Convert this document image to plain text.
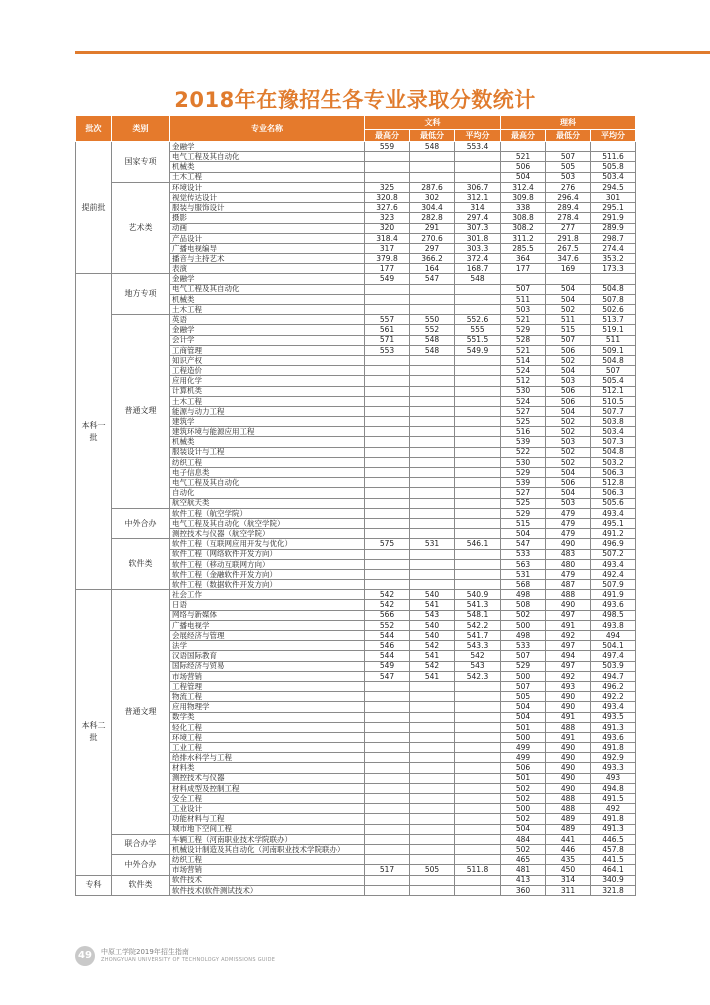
2018年在豫招生各专业录取分数统计
批次	类别	专业名称	文科			理科		
			最高分	最低分	平均分	最高分	最低分	平均分
提前批	国家专项	金融学	559	548	553.4			
		电气工程及其自动化				521	507	511.6
		机械类				506	505	505.8
		土木工程				504	503	503.4
	艺术类	环境设计	325	287.6	306.7	312.4	276	294.5
		视觉传达设计	320.8	302	312.1	309.8	296.4	301
		服装与服饰设计	327.6	304.4	314	338	289.4	295.1
		摄影	323	282.8	297.4	308.8	278.4	291.9
		动画	320	291	307.3	308.2	277	289.9
		产品设计	318.4	270.6	301.8	311.2	291.8	298.7
		广播电视编导	317	297	303.3	285.5	267.5	274.4
		播音与主持艺术	379.8	366.2	372.4	364	347.6	353.2
		表演	177	164	168.7	177	169	173.3
本科一批	地方专项	金融学	549	547	548			
		电气工程及其自动化				507	504	504.8
		机械类				511	504	507.8
		土木工程				503	502	502.6
	普通文理	英语	557	550	552.6	521	511	513.7
		金融学	561	552	555	529	515	519.1
		会计学	571	548	551.5	528	507	511
		工商管理	553	548	549.9	521	506	509.1
		知识产权				514	502	504.8
		工程造价				524	504	507
		应用化学				512	503	505.4
		计算机类				530	506	512.1
		土木工程				524	506	510.5
		能源与动力工程				527	504	507.7
		建筑学				525	502	503.8
		建筑环境与能源应用工程				516	502	503.4
		机械类				539	503	507.3
		服装设计与工程				522	502	504.8
		纺织工程				530	502	503.2
		电子信息类				529	504	506.3
		电气工程及其自动化				539	506	512.8
		自动化				527	504	506.3
		航空航天类				525	503	505.6
	中外合办	软件工程（航空学院）				529	479	493.4
		电气工程及其自动化（航空学院）				515	479	495.1
		测控技术与仪器（航空学院）				504	479	491.2
	软件类	软件工程（互联网应用开发与优化）	575	531	546.1	547	490	496.9
		软件工程（网络软件开发方向）				533	483	507.2
		软件工程（移动互联网方向）				563	480	493.4
		软件工程（金融软件开发方向）				531	479	492.4
		软件工程（数据软件开发方向）				568	487	507.9
本科二批	普通文理	社会工作	542	540	540.9	498	488	491.9
		日语	542	541	541.3	508	490	493.6
		网络与新媒体	566	543	548.1	502	497	498.5
		广播电视学	552	540	542.2	500	491	493.8
		会展经济与管理	544	540	541.7	498	492	494
		法学	546	542	543.3	533	497	504.1
		汉语国际教育	544	541	542	507	494	497.4
		国际经济与贸易	549	542	543	529	497	503.9
		市场营销	547	541	542.3	500	492	494.7
		工程管理				507	493	496.2
		物流工程				505	490	492.2
		应用物理学				504	490	493.4
		数学类				504	491	493.5
		轻化工程				501	488	491.3
		环境工程				500	491	493.6
		工业工程				499	490	491.8
		给排水科学与工程				499	490	492.9
		材料类				506	490	493.3
		测控技术与仪器				501	490	493
		材料成型及控制工程				502	490	494.8
		安全工程				502	488	491.5
		工业设计				500	488	492
		功能材料与工程				502	489	491.8
		城市地下空间工程				504	489	491.3
	联合办学	车辆工程（河南职业技术学院联办）				484	441	446.5
		机械设计制造及其自动化（河南职业技术学院联办）				502	446	457.8
	中外合办	纺织工程				465	435	441.5
		市场营销	517	505	511.8	481	450	464.1
专科	软件类	软件技术				413	314	340.9
		软件技术(软件测试技术）				360	311	321.8
49	中原工学院2019年招生指南
ZHONGYUAN UNIVERSITY OF TECHNOLOGY ADMISSIONS GUIDE
